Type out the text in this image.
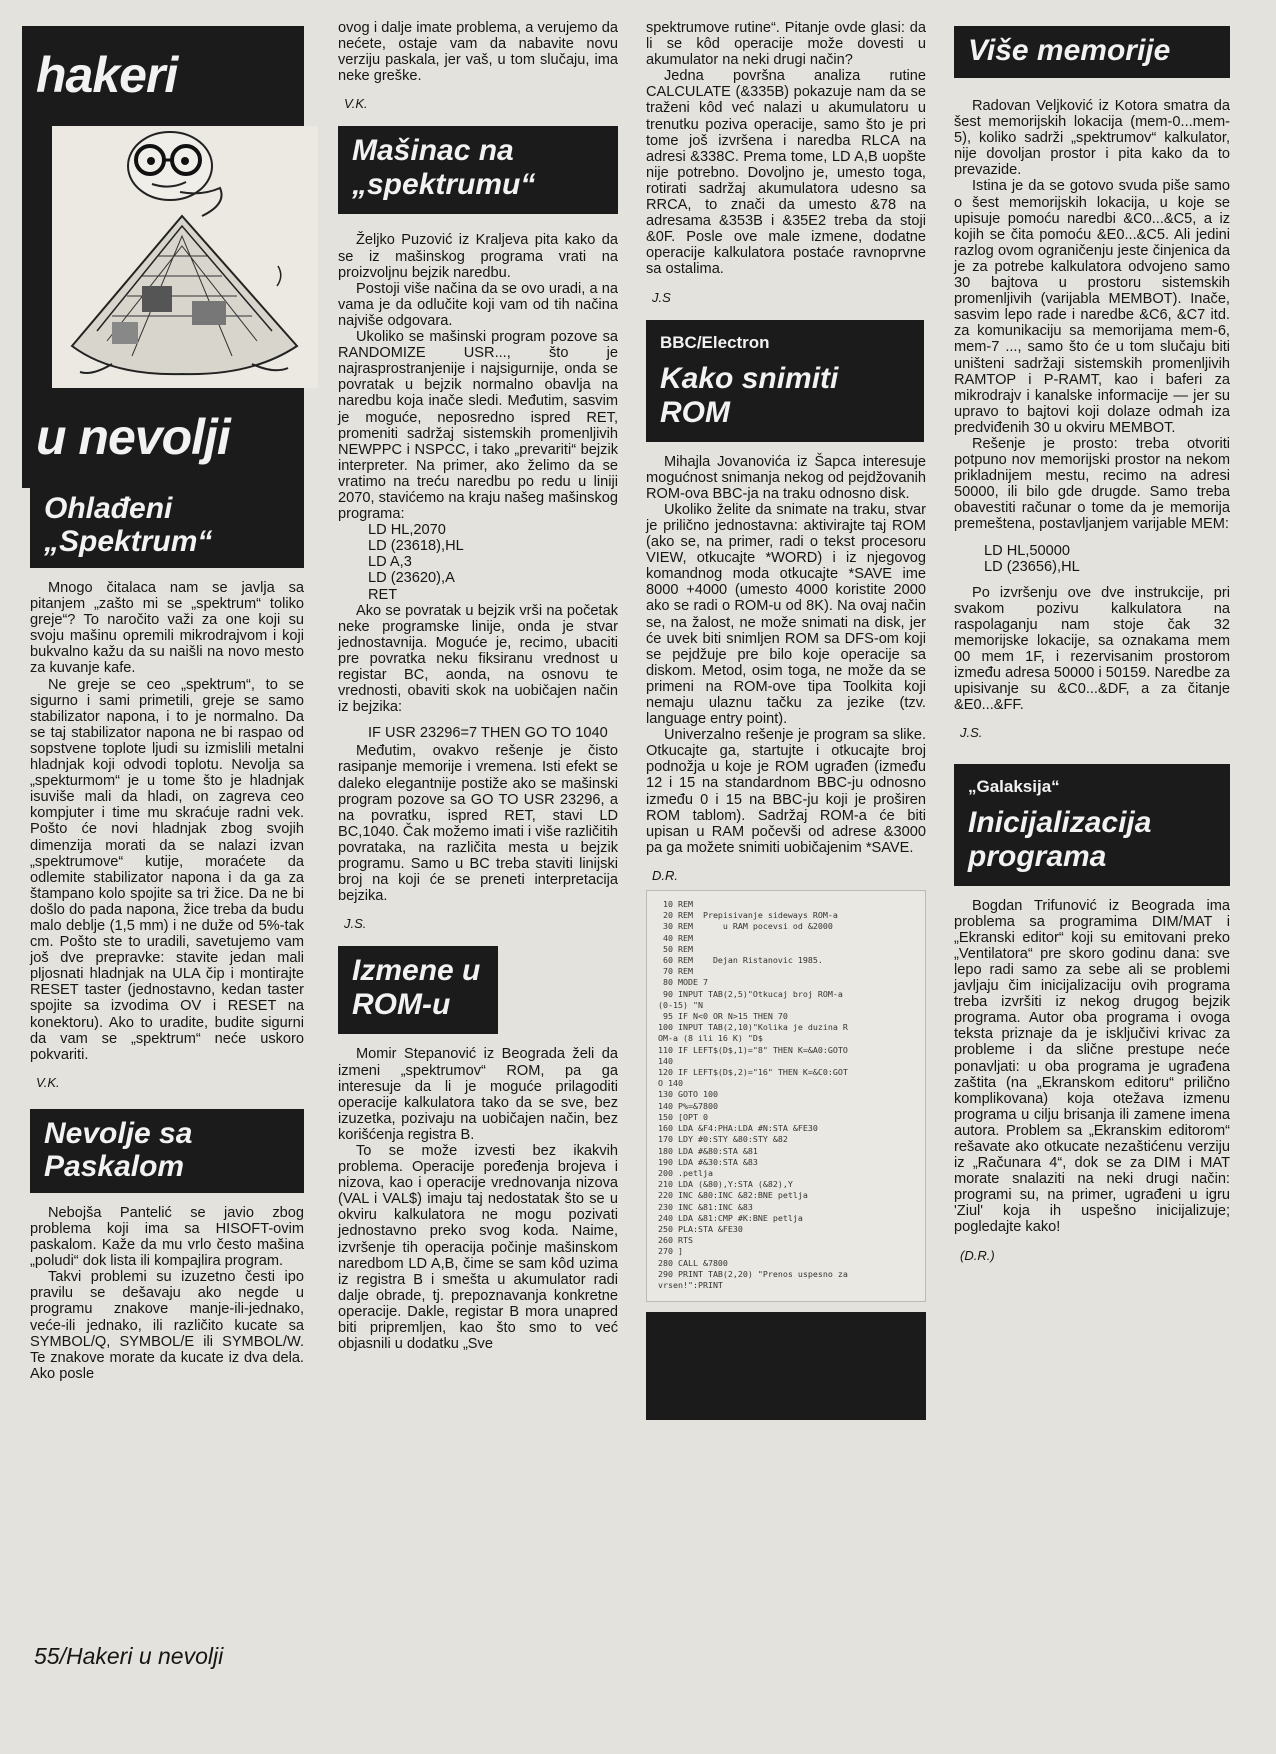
hakeri
u nevolji
Ohlađeni „Spektrum“

Mnogo čitalaca nam se javlja sa pitanjem „zašto mi se „spektrum“ toliko greje“? To naročito važi za one koji su svoju mašinu opremili mikrodrajvom i koji bukvalno kažu da su naišli na novo mesto za kuvanje kafe.

Ne greje se ceo „spektrum“, to se sigurno i sami primetili, greje se samo stabilizator napona, i to je normalno. Da se taj stabilizator napona ne bi raspao od sopstvene toplote ljudi su izmislili metalni hladnjak koji odvodi toplotu. Nevolja sa „spekturmom“ je u tome što je hladnjak isuviše mali da hladi, on zagreva ceo kompjuter i time mu skraćuje radni vek. Pošto će novi hladnjak zbog svojih dimenzija morati da se nalazi izvan „spektrumove“ kutije, moraćete da odlemite stabilizator napona i da ga za štampano kolo spojite sa tri žice. Da ne bi došlo do pada napona, žice treba da budu malo deblje (1,5 mm) i ne duže od 5%-tak cm. Pošto ste to uradili, savetujemo vam još dve prepravke: stavite jedan mali pljosnati hladnjak na ULA čip i montirajte RESET taster (jednostavno, kedan taster spojite sa izvodima OV i RESET na konektoru). Ako to uradite, budite sigurni da vam se „spektrum“ neće uskoro pokvariti.

V.K.

Nevolje sa Paskalom

Nebojša Pantelić se javio zbog problema koji ima sa HISOFT-ovim paskalom. Kaže da mu vrlo često mašina „poludi“ dok lista ili kompajlira program.

Takvi problemi su izuzetno česti ipo pravilu se dešavaju ako negde u programu znakove manje-ili-jednako, veće-ili jednako, ili različito kucate sa SYMBOL/Q, SYMBOL/E ili SYMBOL/W. Te znakove morate da kucate iz dva dela. Ako posle

ovog i dalje imate problema, a verujemo da nećete, ostaje vam da nabavite novu verziju paskala, jer vaš, u tom slučaju, ima neke greške.

V.K.

Mašinac na „spektrumu“

Željko Puzović iz Kraljeva pita kako da se iz mašinskog programa vrati na proizvoljnu bejzik naredbu.

Postoji više načina da se ovo uradi, a na vama je da odlučite koji vam od tih načina najviše odgovara.

Ukoliko se mašinski program pozove sa RANDOMIZE USR..., što je najrasprostranjenije i najsigurnije, onda se povratak u bejzik normalno obavlja na naredbu koja inače sledi. Međutim, sasvim je moguće, neposredno ispred RET, promeniti sadržaj sistemskih promenljivih NEWPPC i NSPCC, i tako „prevariti“ bejzik interpreter. Na primer, ako želimo da se vratimo na treću naredbu po redu u liniji 2070, stavićemo na kraju našeg mašinskog programa:

LD HL,2070

LD (23618),HL

LD A,3

LD (23620),A

RET

Ako se povratak u bejzik vrši na početak neke programske linije, onda je stvar jednostavnija. Moguće je, recimo, ubaciti pre povratka neku fiksiranu vrednost u registar BC, aonda, na osnovu te vrednosti, obaviti skok na uobičajen način iz bejzika:

IF USR 23296=7 THEN GO TO 1040

Međutim, ovakvo rešenje je čisto rasipanje memorije i vremena. Isti efekt se daleko elegantnije postiže ako se mašinski program pozove sa GO TO USR 23296, a na povratku, ispred RET, stavi LD BC,1040. Čak možemo imati i više različitih povrataka, na različita mesta u bejzik programu. Samo u BC treba staviti linijski broj na koji će se preneti interpretacija bejzika.

J.S.

Izmene u ROM-u

Momir Stepanović iz Beograda želi da izmeni „spektrumov“ ROM, pa ga interesuje da li je moguće prilagoditi operacije kalkulatora tako da se sve, bez izuzetka, pozivaju na uobičajen način, bez korišćenja registra B.

To se može izvesti bez ikakvih problema. Operacije poređenja brojeva i nizova, kao i operacije vrednovanja nizova (VAL i VAL$) imaju taj nedostatak što se u okviru kalkulatora ne mogu pozivati jednostavno preko svog koda. Naime, izvršenje tih operacija počinje mašinskom naredbom LD A,B, čime se sam kôd uzima iz registra B i smešta u akumulator radi dalje obrade, tj. prepoznavanja konkretne operacije. Dakle, registar B mora unapred biti pripremljen, kao što smo to već objasnili u dodatku „Sve

spektrumove rutine“. Pitanje ovde glasi: da li se kôd operacije može dovesti u akumulator na neki drugi način?

Jedna površna analiza rutine CALCULATE (&335B) pokazuje nam da se traženi kôd već nalazi u akumulatoru u trenutku poziva operacije, samo što je pri tome još izvršena i naredba RLCA na adresi &338C. Prema tome, LD A,B uopšte nije potrebno. Dovoljno je, umesto toga, rotirati sadržaj akumulatora udesno sa RRCA, to znači da umesto &78 na adresama &353B i &35E2 treba da stoji &0F. Posle ove male izmene, dodatne operacije kalkulatora postaće ravnoprvne sa ostalima.

J.S

BBC/Electron
Kako snimiti ROM

Mihajla Jovanovića iz Šapca interesuje mogućnost snimanja nekog od pejdžovanih ROM-ova BBC-ja na traku odnosno disk.

Ukoliko želite da snimate na traku, stvar je prilično jednostavna: aktivirajte taj ROM (ako se, na primer, radi o tekst procesoru VIEW, otkucajte *WORD) i iz njegovog komandnog moda otkucajte *SAVE ime 8000 +4000 (umesto 4000 koristite 2000 ako se radi o ROM-u od 8K). Na ovaj način se, na žalost, ne može snimati na disk, jer će uvek biti snimljen ROM sa DFS-om koji se pejdžuje pre bilo koje operacije sa diskom. Metod, osim toga, ne može da se primeni na ROM-ove tipa Toolkita koji nemaju ulaznu tačku za jezike (tzv. language entry point).

Univerzalno rešenje je program sa slike. Otkucajte ga, startujte i otkucajte broj podnožja u koje je ROM ugrađen (između 12 i 15 na standardnom BBC-ju odnosno između 0 i 15 na BBC-ju koji je proširen ROM tablom). Sadržaj ROM-a će biti upisan u RAM počevši od adrese &3000 pa ga možete snimiti uobičajenim *SAVE.

D.R.

10 REM
20 REM  Prepisivanje sideways ROM-a
30 REM      u RAM pocevsi od &2000
40 REM
50 REM
60 REM    Dejan Ristanovic 1985.
70 REM
80 MODE 7
90 INPUT TAB(2,5)"Otkucaj broj ROM-a
(0-15) "N
95 IF N<0 OR N>15 THEN 70
100 INPUT TAB(2,10)"Kolika je duzina R
OM-a (8 ili 16 K) "D$
110 IF LEFT$(D$,1)="8" THEN K=&A0:GOTO
140
120 IF LEFT$(D$,2)="16" THEN K=&C0:GOT
O 140
130 GOTO 100
140 P%=&7800
150 [OPT 0
160 LDA &F4:PHA:LDA #N:STA &FE30
170 LDY #0:STY &80:STY &82
180 LDA #&80:STA &81
190 LDA #&30:STA &83
200 .petlja
210 LDA (&80),Y:STA (&82),Y
220 INC &80:INC &82:BNE petlja
230 INC &81:INC &83
240 LDA &81:CMP #K:BNE petlja
250 PLA:STA &FE30
260 RTS
270 ]
280 CALL &7800
290 PRINT TAB(2,20) "Prenos uspesno za
vrsen!":PRINT
Više memorije

Radovan Veljković iz Kotora smatra da šest memorijskih lokacija (mem-0...mem-5), koliko sadrži „spektrumov“ kalkulator, nije dovoljan prostor i pita kako da to prevazide.

Istina je da se gotovo svuda piše samo o šest memorijskih lokacija, u koje se upisuje pomoću naredbi &C0...&C5, a iz kojih se čita pomoću &E0...&C5. Ali jedini razlog ovom ograničenju jeste činjenica da je za potrebe kalkulatora odvojeno samo 30 bajtova u prostoru sistemskih promenljivih (varijabla MEMBOT). Inače, sasvim lepo rade i naredbe &C6, &C7 itd. za komunikaciju sa memorijama mem-6, mem-7 ..., samo što će u tom slučaju biti uništeni sadržaji sistemskih promenljivih RAMTOP i P-RAMT, kao i baferi za mikrodrajv i kanalske informacije — jer su upravo to bajtovi koji dolaze odmah iza predviđenih 30 u okviru MEMBOT.

Rešenje je prosto: treba otvoriti potpuno nov memorijski prostor na nekom prikladnijem mestu, recimo na adresi 50000, ili bilo gde drugde. Samo treba obavestiti računar o tome da je memorija premeštena, postavljanjem varijable MEM:

LD HL,50000

LD (23656),HL

Po izvršenju ove dve instrukcije, pri svakom pozivu kalkulatora na raspolaganju nam stoje čak 32 memorijske lokacije, sa oznakama mem 00 mem 1F, i rezervisanim prostorom između adresa 50000 i 50159. Naredbe za upisivanje su &C0...&DF, a za čitanje &E0...&FF.

J.S.

„Galaksija“
Inicijalizacija programa

Bogdan Trifunović iz Beograda ima problema sa programima DIM/MAT i „Ekranski editor“ koji su emitovani preko „Ventilatora“ pre skoro godinu dana: sve lepo radi samo za sebe ali se problemi javljaju čim inicijalizaciju ovih programa treba izvršiti iz nekog drugog bejzik programa. Autor oba programa i ovoga teksta priznaje da je isključivi krivac za probleme i da slične prestupe neće ponavljati: u oba programa je ugrađena zaštita (na „Ekranskom editoru“ prilično komplikovana) koja otežava izmenu programa u cilju brisanja ili zamene imena autora. Problem sa „Ekranskim editorom“ rešavate ako otkucate nezaštićenu verziju iz „Računara 4“, dok se za DIM i MAT morate snalaziti na neki drugi način: programi su, na primer, ugrađeni u igru 'Ziul' koja ih uspešno inicijalizuje; pogledajte kako!

(D.R.)

55/Hakeri u nevolji
